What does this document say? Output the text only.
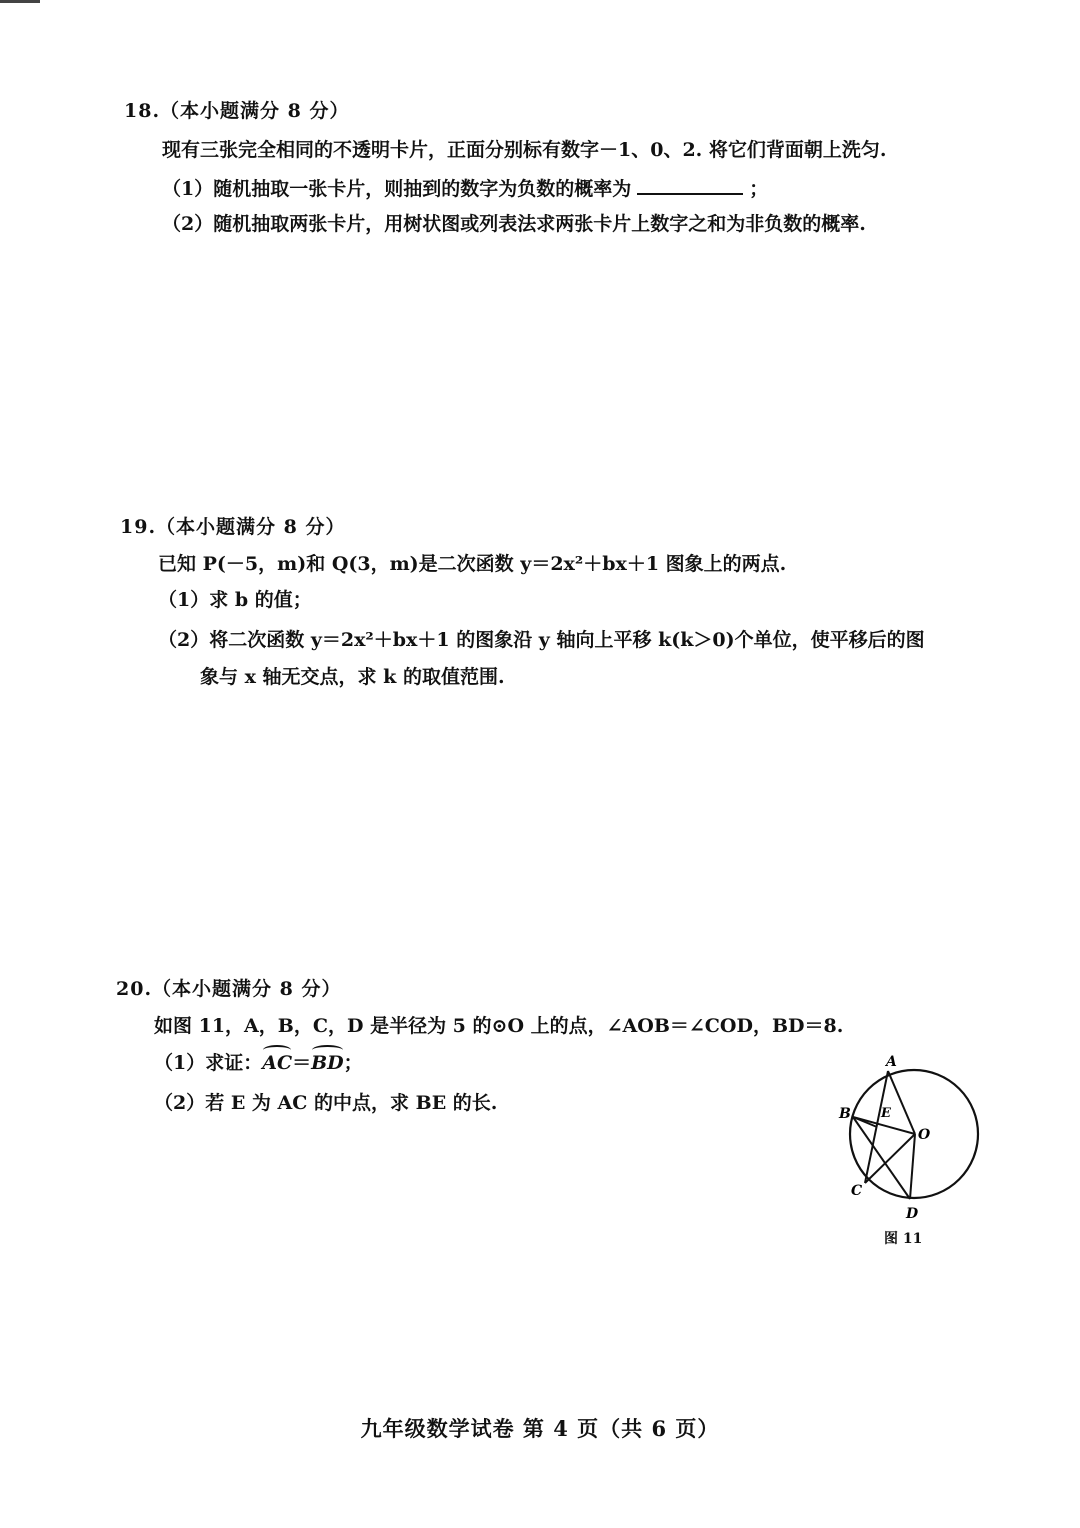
18.（本小题满分 8 分）
现有三张完全相同的不透明卡片，正面分别标有数字－1、0、2. 将它们背面朝上洗匀.
（1）随机抽取一张卡片，则抽到的数字为负数的概率为	；
（2）随机抽取两张卡片，用树状图或列表法求两张卡片上数字之和为非负数的概率.
19.（本小题满分 8 分）
已知 P(－5，m)和 Q(3，m)是二次函数 y＝2x²＋bx＋1 图象上的两点.
（1）求 b 的值；
（2）将二次函数 y＝2x²＋bx＋1 的图象沿 y 轴向上平移 k(k＞0)个单位，使平移后的图
象与 x 轴无交点，求 k 的取值范围.
20.（本小题满分 8 分）
如图 11，A，B，C，D 是半径为 5 的⊙O 上的点，∠AOB＝∠COD，BD＝8.
（1）求证：AC＝BD；
（2）若 E 为 AC 的中点，求 BE 的长.
A
B
C
D
E
O
图 11
九年级数学试卷 第 4 页（共 6 页）
